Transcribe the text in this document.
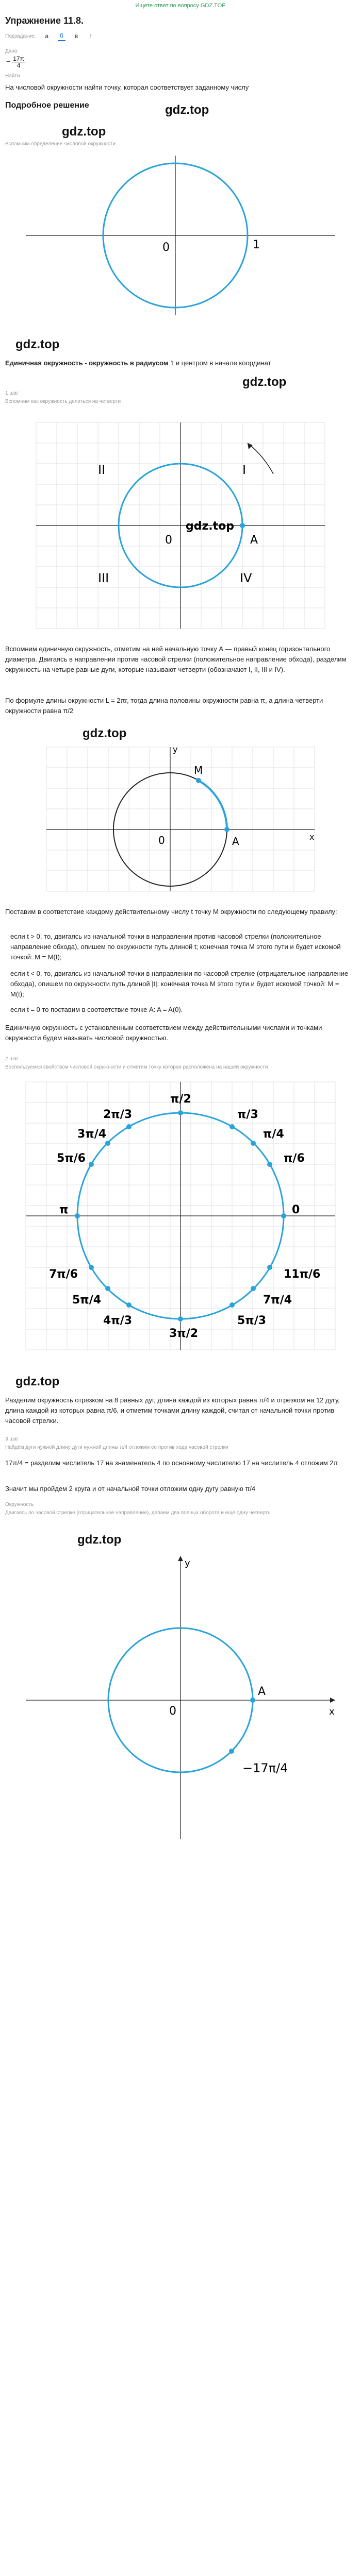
Ищете ответ по вопросу GDZ.TOP
Упражнение 11.8.
Подзадание:	а	б	в	г
Дано
− $\frac{17\pi}{4}$
Найти
На числовой окружности найти точку, которая соответствует заданному числу
Подробное решение	gdz.top
gdz.top
Вспомним определение числовой окружности
0	1
gdz.top
Единичная окружность - окружность в радиусом 1 и центром в начале координат
gdz.top
1 шаг
Вспомним как окружность делиться на четверти
I
II
III	IV
A
0
gdz.top
Вспомним единичную окружность, отметим на ней начальную точку А — правый конец горизонтального диаметра. Двигаясь в направлении против часовой стрелки (положительное направление обхода), разделим окружность на четыре равные дуги, которые называют четверти (обозначают I, II, III и IV).
По формуле длины окружности L = 2πr, тогда длина половины окружности равна π, а длина четверти окружности равна π/2
gdz.top
M
A
0
y
x
Поставим в соответствие каждому действительному числу t точку M окружности по следующему правилу:
если t > 0, то, двигаясь из начальной точки в направлении против часовой стрелки (положительное направление обхода), опишем по окружности путь длиной t; конечная точка M этого пути и будет искомой точкой: M = M(t);
если t < 0, то, двигаясь из начальной точки в направлении по часовой стрелке (отрицательное направление обхода), опишем по окружности путь длиной |t|; конечная точка M этого пути и будет искомой точкой: M = M(t);
если t = 0 то поставим в соответствие точке A: A = A(0).
Единичную окружность с установленным соответствием между действительными числами и точками окружности будем называть числовой окружностью.
2 шаг
Воспользуемся свойством числовой окружности и отметим точку которая расположена на нашей окружности
π/2
π/3
π/4
π/6
0
11π/6
7π/4
5π/3
3π/2
4π/3
5π/4
7π/6
π
5π/6
3π/4
2π/3
gdz.top
Разделим окружность отрезком на 8 равных дуг, длина каждой из которых равна π/4 и отрезком на 12 дугу, длина каждой из которых равна π/6, и отметим точками длину каждой, считая от начальной точки против часовой стрелки.
3 шаг
Найдём дуги нужной длину дуги нужной длины π/4 отложим ее против хода часовой стрелки
17π/4 = разделим числитель 17 на знаменатель 4 по основному числителю 17 на числитель 4 отложим 2π
Значит мы пройдем 2 круга и от начальной точки отложим одну дугу равную π/4
Окружность
Двигаясь по часовой стрелке (отрицательное направление), делаем два полных оборота и ещё одну четверть
gdz.top
0
A
y
x
−17π/4
